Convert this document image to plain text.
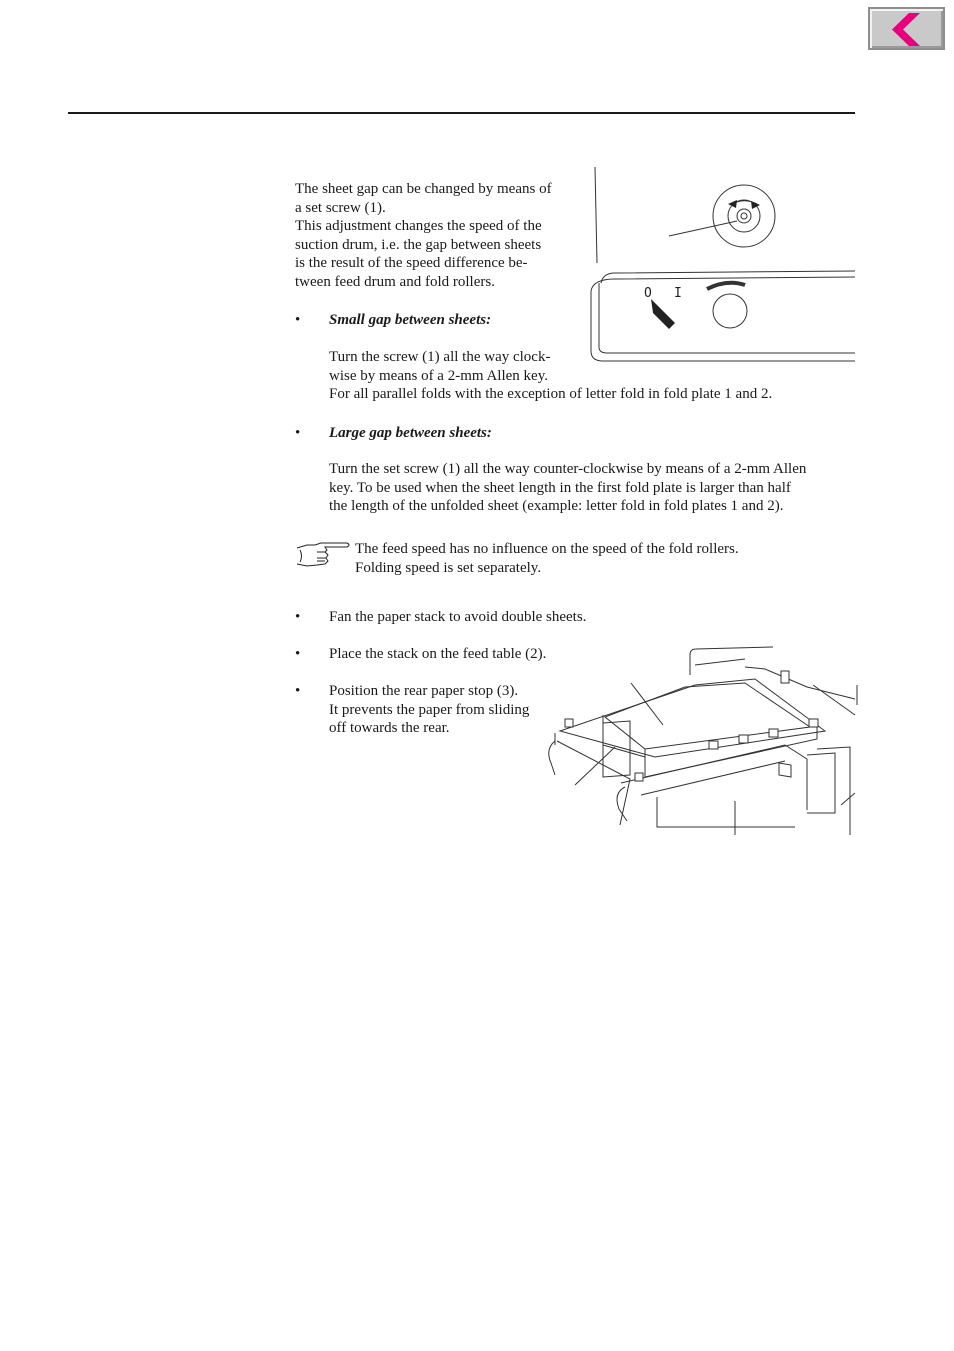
The sheet gap can be changed by means of
a set screw (1).
This adjustment changes the speed of the
suction drum, i.e. the gap between sheets
is the result of the speed difference be-
tween feed drum and fold rollers.
• Small gap between sheets:
Turn the screw (1) all the way clock-
wise by means of a 2-mm Allen key.
For all parallel folds with the exception of letter fold in fold plate 1 and 2.
• Large gap between sheets:
Turn the set screw (1) all the way counter-clockwise by means of a 2-mm Allen
key. To be used when the sheet length in the first fold plate is larger than half
the length of the unfolded sheet (example: letter fold in fold plates 1 and 2).
The feed speed has no influence on the speed of the fold rollers.
Folding speed is set separately.
• Fan the paper stack to avoid double sheets.
• Place the stack on the feed table (2).
• Position the rear paper stop (3).
It prevents the paper from sliding
off towards the rear.
O I
